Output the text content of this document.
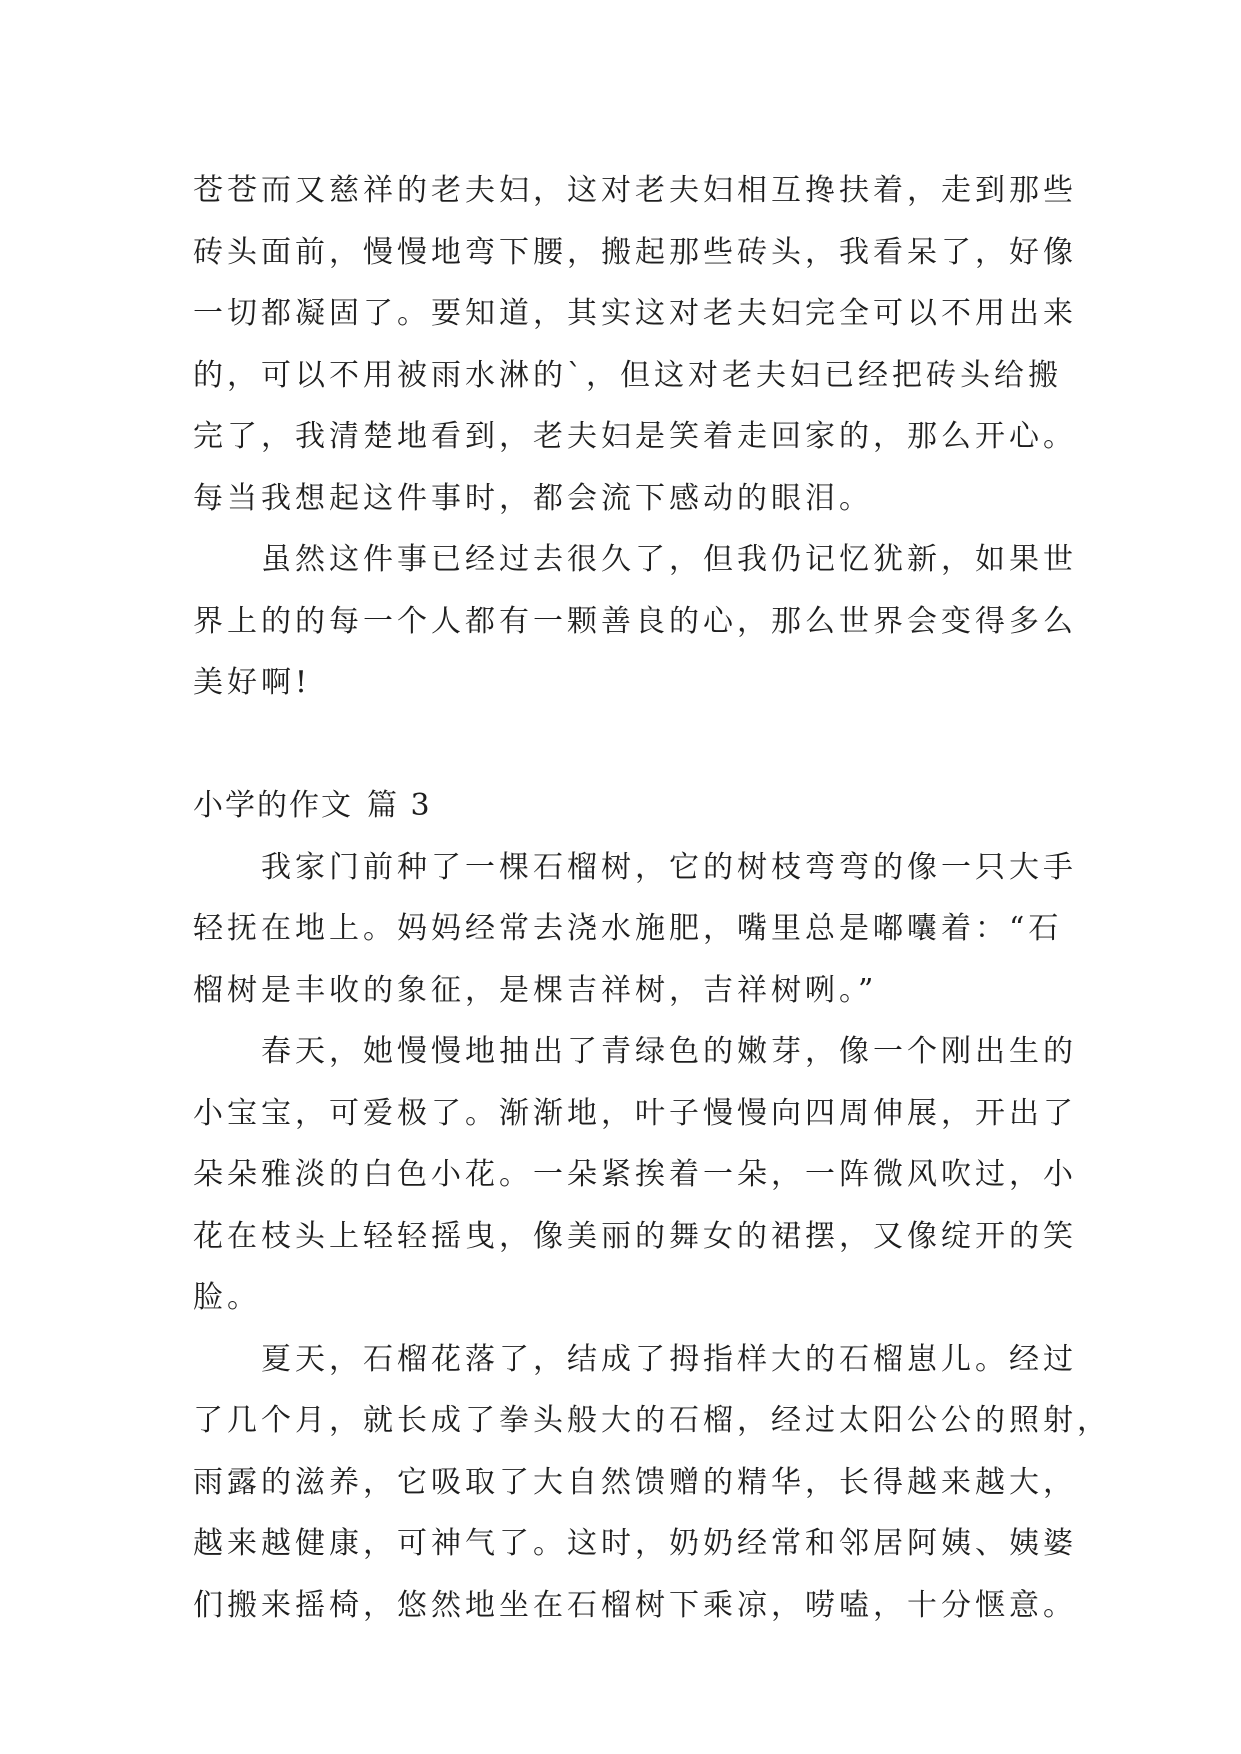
苍苍而又慈祥的老夫妇，这对老夫妇相互搀扶着，走到那些
砖头面前，慢慢地弯下腰，搬起那些砖头，我看呆了，好像
一切都凝固了。要知道，其实这对老夫妇完全可以不用出来
的，可以不用被雨水淋的`，但这对老夫妇已经把砖头给搬
完了，我清楚地看到，老夫妇是笑着走回家的，那么开心。
每当我想起这件事时，都会流下感动的眼泪。
虽然这件事已经过去很久了，但我仍记忆犹新，如果世
界上的的每一个人都有一颗善良的心，那么世界会变得多么
美好啊!
小学的作文 篇 3
我家门前种了一棵石榴树，它的树枝弯弯的像一只大手
轻抚在地上。妈妈经常去浇水施肥，嘴里总是嘟囔着：“石
榴树是丰收的象征，是棵吉祥树，吉祥树咧。”
春天，她慢慢地抽出了青绿色的嫩芽，像一个刚出生的
小宝宝，可爱极了。渐渐地，叶子慢慢向四周伸展，开出了
朵朵雅淡的白色小花。一朵紧挨着一朵，一阵微风吹过，小
花在枝头上轻轻摇曳，像美丽的舞女的裙摆，又像绽开的笑
脸。
夏天，石榴花落了，结成了拇指样大的石榴崽儿。经过
了几个月，就长成了拳头般大的石榴，经过太阳公公的照射，
雨露的滋养，它吸取了大自然馈赠的精华，长得越来越大，
越来越健康，可神气了。这时，奶奶经常和邻居阿姨、姨婆
们搬来摇椅，悠然地坐在石榴树下乘凉，唠嗑，十分惬意。
